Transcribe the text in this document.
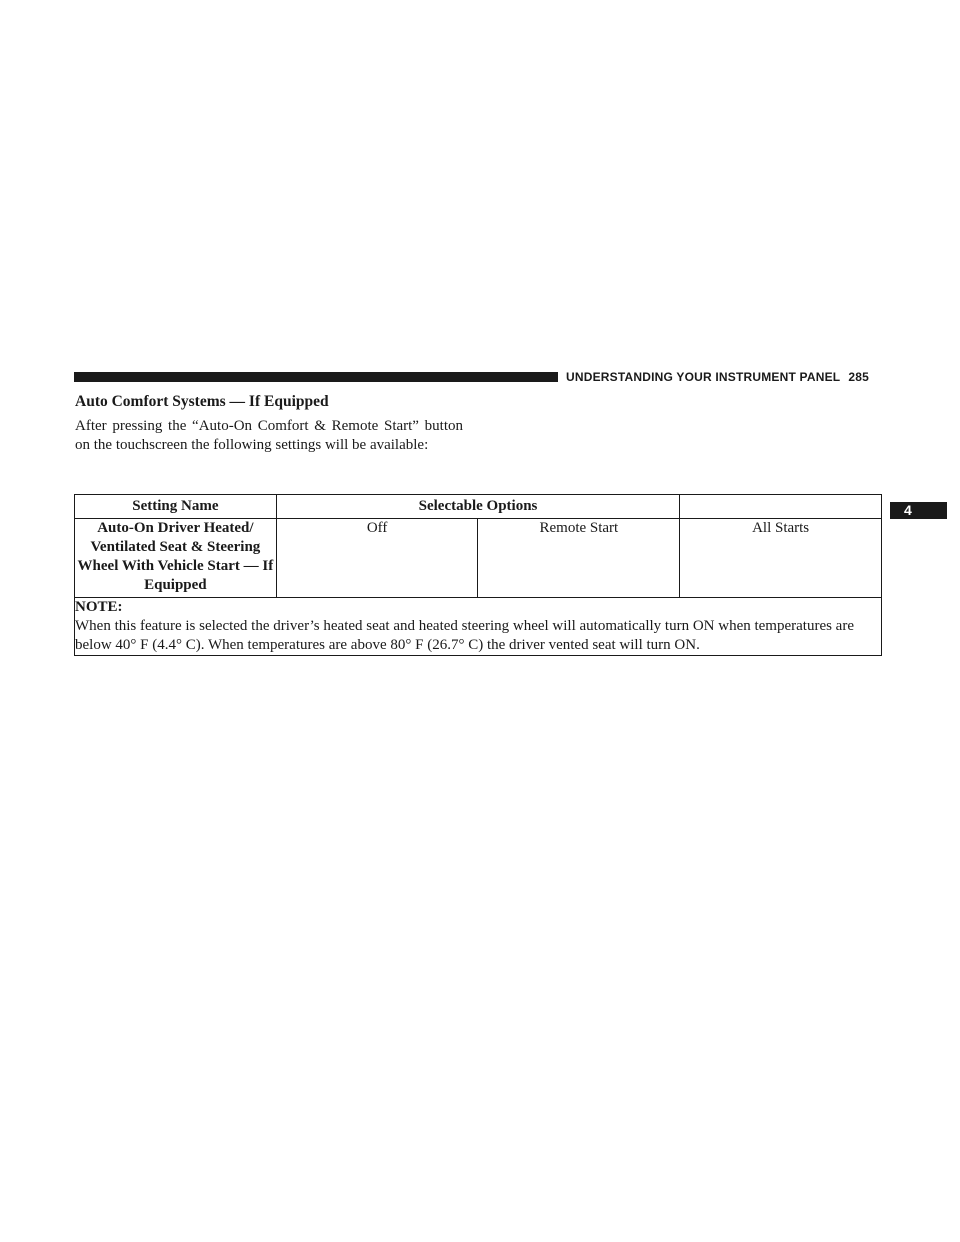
UNDERSTANDING YOUR INSTRUMENT PANEL 285
Auto Comfort Systems — If Equipped
After pressing the “Auto-On Comfort & Remote Start” button on the touchscreen the following settings will be available:
4
Setting Name	Selectable Options		
Auto-On Driver Heated/ Ventilated Seat & Steering Wheel With Vehicle Start — If Equipped	Off	Remote Start	All Starts

NOTE:
When this feature is selected the driver’s heated seat and heated steering wheel will automatically turn ON when temperatures are below 40° F (4.4° C). When temperatures are above 80° F (26.7° C) the driver vented seat will turn ON.			
